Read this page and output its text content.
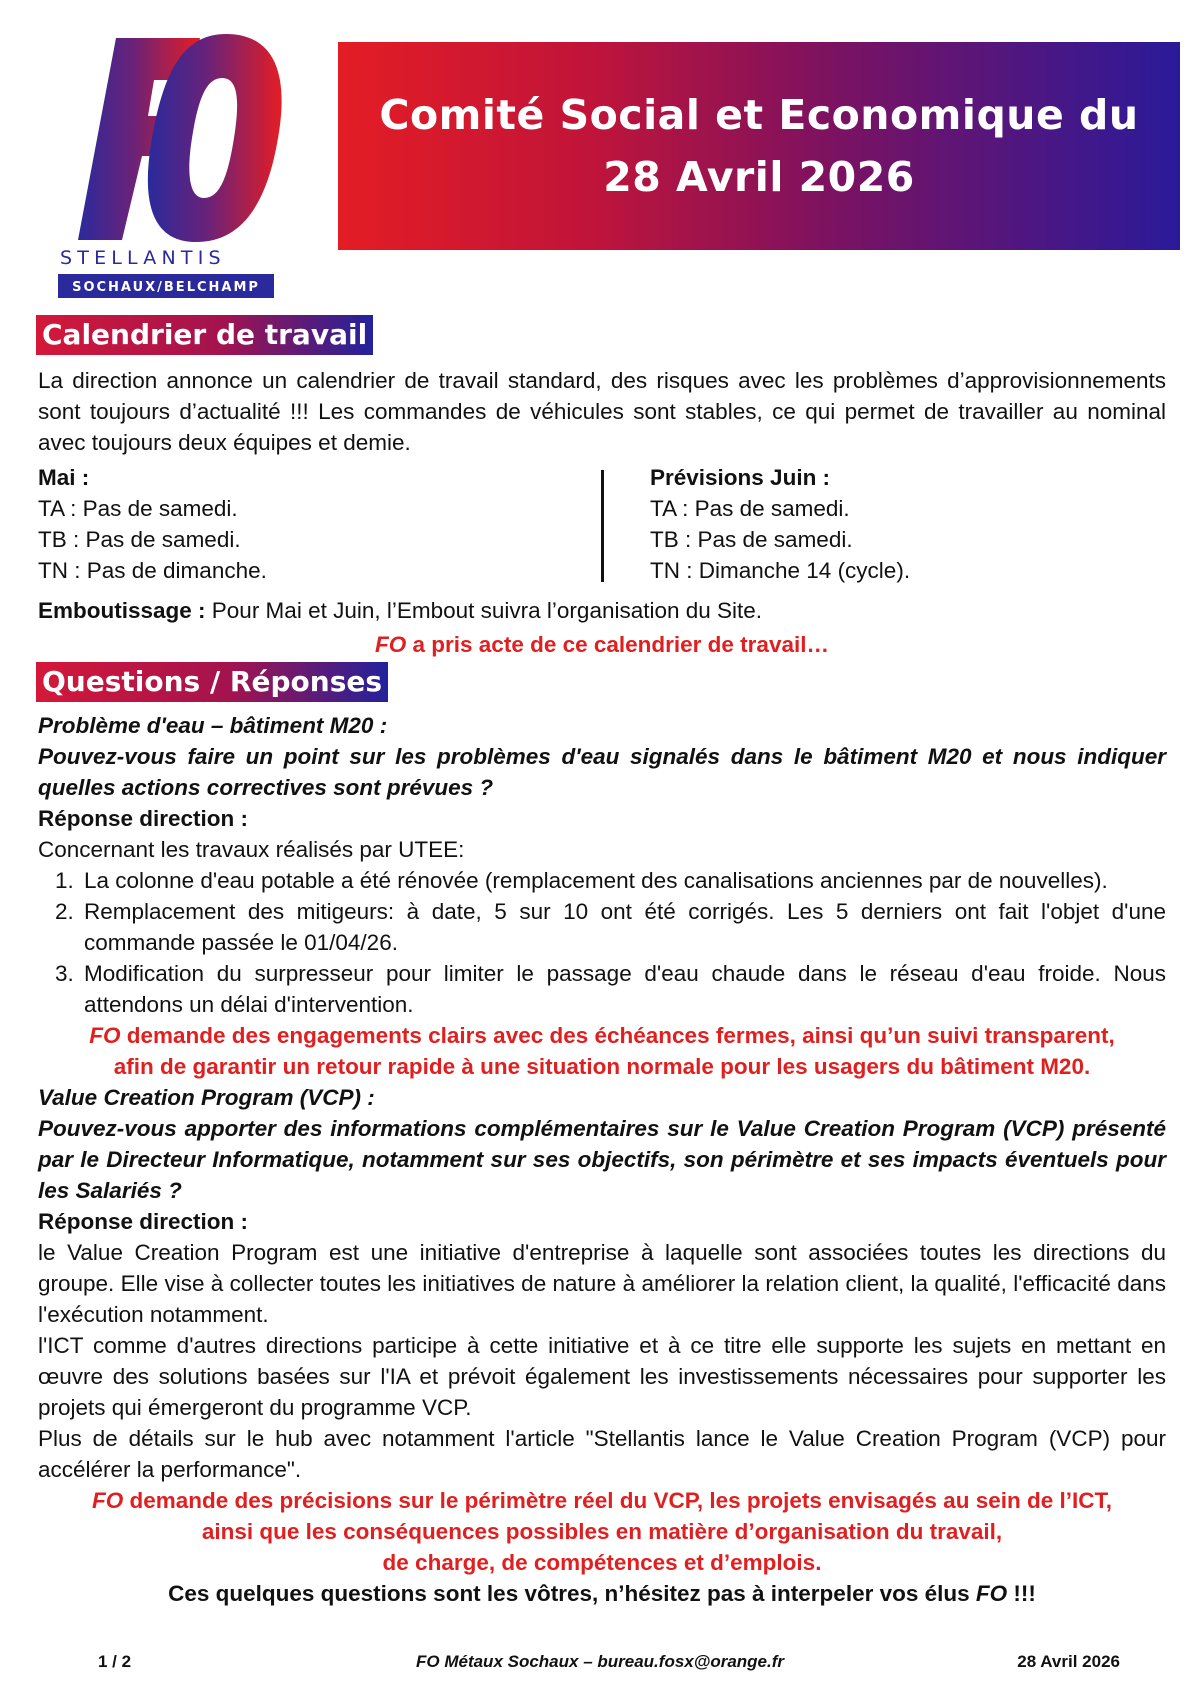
STELLANTIS
SOCHAUX/BELCHAMP

Comité Social et Economique du

28 Avril 2026

Calendrier de travail

La direction annonce un calendrier de travail standard, des risques avec les problèmes d’approvisionnements sont toujours d’actualité !!! Les commandes de véhicules sont stables, ce qui permet de travailler au nominal avec toujours deux équipes et demie.

Mai :

TA : Pas de samedi.

TB : Pas de samedi.

TN : Pas de dimanche.

Prévisions Juin :

TA : Pas de samedi.

TB : Pas de samedi.

TN : Dimanche 14 (cycle).

Emboutissage : Pour Mai et Juin, l’Embout suivra l’organisation du Site.

FO a pris acte de ce calendrier de travail…

Questions / Réponses

Problème d'eau – bâtiment M20 :

Pouvez-vous faire un point sur les problèmes d'eau signalés dans le bâtiment M20 et nous indiquer quelles actions correctives sont prévues ?

Réponse direction :

Concernant les travaux réalisés par UTEE:

1. La colonne d'eau potable a été rénovée (remplacement des canalisations anciennes par de nouvelles).
2. Remplacement des mitigeurs: à date, 5 sur 10 ont été corrigés. Les 5 derniers ont fait l'objet d'une commande passée le 01/04/26.
3. Modification du surpresseur pour limiter le passage d'eau chaude dans le réseau d'eau froide. Nous attendons un délai d'intervention.

FO demande des engagements clairs avec des échéances fermes, ainsi qu’un suivi transparent,

afin de garantir un retour rapide à une situation normale pour les usagers du bâtiment M20.

Value Creation Program (VCP) :

Pouvez-vous apporter des informations complémentaires sur le Value Creation Program (VCP) présenté par le Directeur Informatique, notamment sur ses objectifs, son périmètre et ses impacts éventuels pour les Salariés ?

Réponse direction :

le Value Creation Program est une initiative d'entreprise à laquelle sont associées toutes les directions du groupe. Elle vise à collecter toutes les initiatives de nature à améliorer la relation client, la qualité, l'efficacité dans l'exécution notamment.

l'ICT comme d'autres directions participe à cette initiative et à ce titre elle supporte les sujets en mettant en œuvre des solutions basées sur l'IA et prévoit également les investissements nécessaires pour supporter les projets qui émergeront du programme VCP.

Plus de détails sur le hub avec notamment l'article "Stellantis lance le Value Creation Program (VCP) pour accélérer la performance".

FO demande des précisions sur le périmètre réel du VCP, les projets envisagés au sein de l’ICT,

ainsi que les conséquences possibles en matière d’organisation du travail,

de charge, de compétences et d’emplois.

Ces quelques questions sont les vôtres, n’hésitez pas à interpeler vos élus FO !!!

1 / 2	FO Métaux Sochaux – bureau.fosx@orange.fr	28 Avril 2026
